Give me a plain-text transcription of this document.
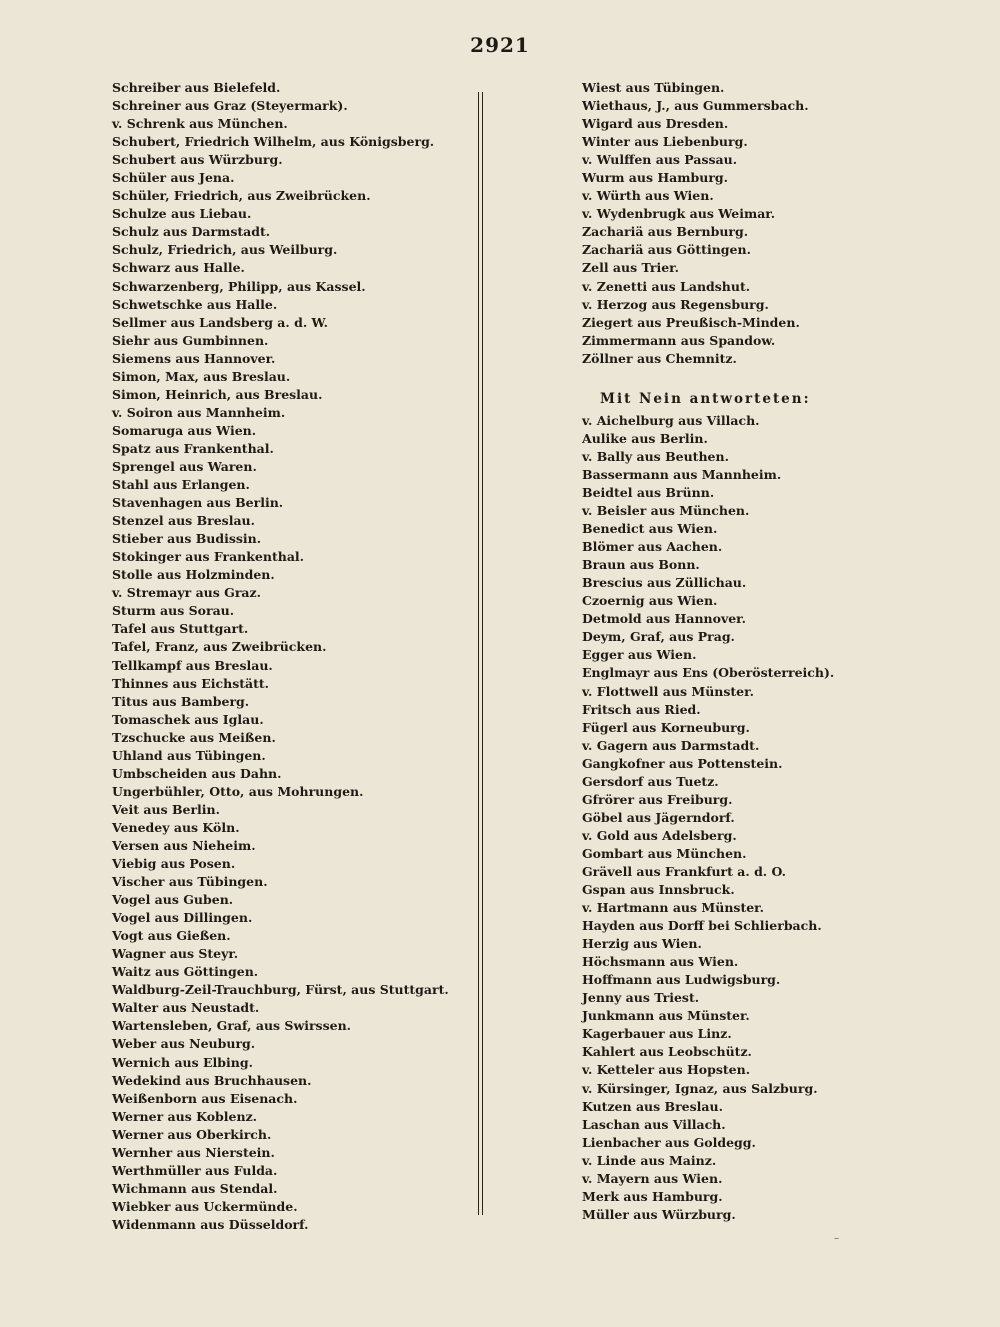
2921
Schreiber aus Bielefeld.
Schreiner aus Graz (Steyermark).
v. Schrenk aus München.
Schubert, Friedrich Wilhelm, aus Königsberg.
Schubert aus Würzburg.
Schüler aus Jena.
Schüler, Friedrich, aus Zweibrücken.
Schulze aus Liebau.
Schulz aus Darmstadt.
Schulz, Friedrich, aus Weilburg.
Schwarz aus Halle.
Schwarzenberg, Philipp, aus Kassel.
Schwetschke aus Halle.
Sellmer aus Landsberg a. d. W.
Siehr aus Gumbinnen.
Siemens aus Hannover.
Simon, Max, aus Breslau.
Simon, Heinrich, aus Breslau.
v. Soiron aus Mannheim.
Somaruga aus Wien.
Spatz aus Frankenthal.
Sprengel aus Waren.
Stahl aus Erlangen.
Stavenhagen aus Berlin.
Stenzel aus Breslau.
Stieber aus Budissin.
Stokinger aus Frankenthal.
Stolle aus Holzminden.
v. Stremayr aus Graz.
Sturm aus Sorau.
Tafel aus Stuttgart.
Tafel, Franz, aus Zweibrücken.
Tellkampf aus Breslau.
Thinnes aus Eichstätt.
Titus aus Bamberg.
Tomaschek aus Iglau.
Tzschucke aus Meißen.
Uhland aus Tübingen.
Umbscheiden aus Dahn.
Ungerbühler, Otto, aus Mohrungen.
Veit aus Berlin.
Venedey aus Köln.
Versen aus Nieheim.
Viebig aus Posen.
Vischer aus Tübingen.
Vogel aus Guben.
Vogel aus Dillingen.
Vogt aus Gießen.
Wagner aus Steyr.
Waitz aus Göttingen.
Waldburg-Zeil-Trauchburg, Fürst, aus Stuttgart.
Walter aus Neustadt.
Wartensleben, Graf, aus Swirssen.
Weber aus Neuburg.
Wernich aus Elbing.
Wedekind aus Bruchhausen.
Weißenborn aus Eisenach.
Werner aus Koblenz.
Werner aus Oberkirch.
Wernher aus Nierstein.
Werthmüller aus Fulda.
Wichmann aus Stendal.
Wiebker aus Uckermünde.
Widenmann aus Düsseldorf.
Wiest aus Tübingen.
Wiethaus, J., aus Gummersbach.
Wigard aus Dresden.
Winter aus Liebenburg.
v. Wulffen aus Passau.
Wurm aus Hamburg.
v. Würth aus Wien.
v. Wydenbrugk aus Weimar.
Zachariä aus Bernburg.
Zachariä aus Göttingen.
Zell aus Trier.
v. Zenetti aus Landshut.
v. Herzog aus Regensburg.
Ziegert aus Preußisch-Minden.
Zimmermann aus Spandow.
Zöllner aus Chemnitz.
Mit Nein antworteten:
v. Aichelburg aus Villach.
Aulike aus Berlin.
v. Bally aus Beuthen.
Bassermann aus Mannheim.
Beidtel aus Brünn.
v. Beisler aus München.
Benedict aus Wien.
Blömer aus Aachen.
Braun aus Bonn.
Brescius aus Züllichau.
Czoernig aus Wien.
Detmold aus Hannover.
Deym, Graf, aus Prag.
Egger aus Wien.
Englmayr aus Ens (Oberösterreich).
v. Flottwell aus Münster.
Fritsch aus Ried.
Fügerl aus Korneuburg.
v. Gagern aus Darmstadt.
Gangkofner aus Pottenstein.
Gersdorf aus Tuetz.
Gfrörer aus Freiburg.
Göbel aus Jägerndorf.
v. Gold aus Adelsberg.
Gombart aus München.
Grävell aus Frankfurt a. d. O.
Gspan aus Innsbruck.
v. Hartmann aus Münster.
Hayden aus Dorff bei Schlierbach.
Herzig aus Wien.
Höchsmann aus Wien.
Hoffmann aus Ludwigsburg.
Jenny aus Triest.
Junkmann aus Münster.
Kagerbauer aus Linz.
Kahlert aus Leobschütz.
v. Ketteler aus Hopsten.
v. Kürsinger, Ignaz, aus Salzburg.
Kutzen aus Breslau.
Laschan aus Villach.
Lienbacher aus Goldegg.
v. Linde aus Mainz.
v. Mayern aus Wien.
Merk aus Hamburg.
Müller aus Würzburg.
–
